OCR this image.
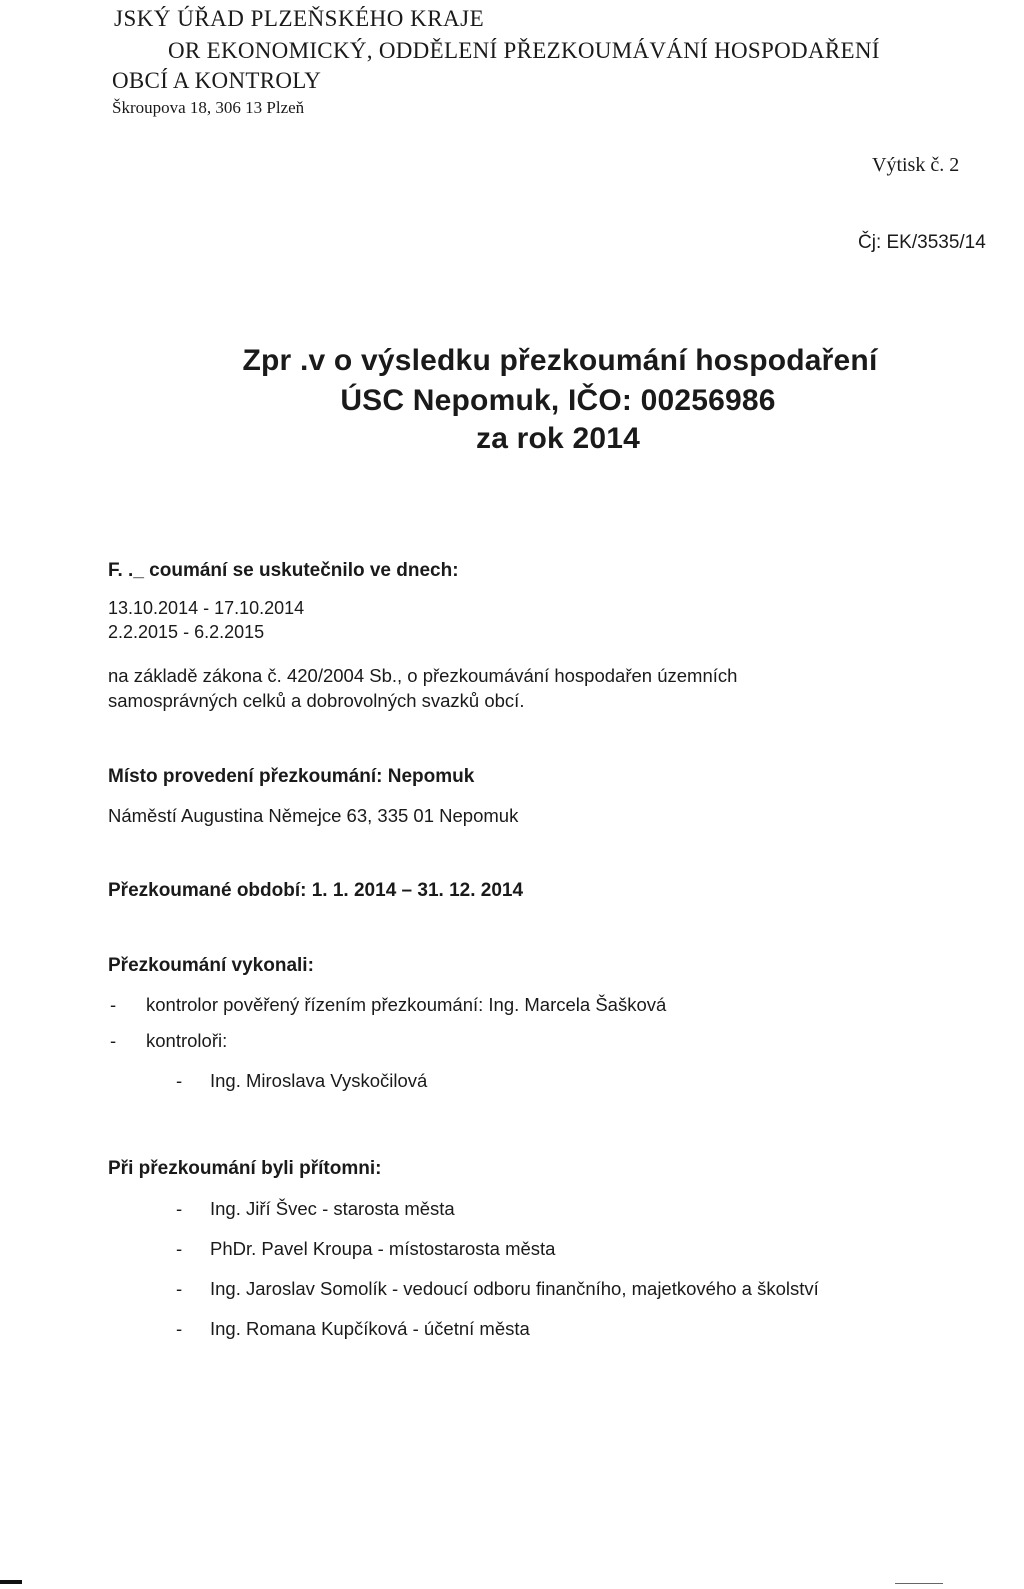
JSKÝ ÚŘAD PLZEŇSKÉHO KRAJE
OR EKONOMICKÝ, ODDĚLENÍ PŘEZKOUMÁVÁNÍ HOSPODAŘENÍ
OBCÍ A KONTROLY
Škroupova 18, 306 13 Plzeň
Výtisk č. 2
Čj: EK/3535/14
Zpr .v o výsledku přezkoumání hospodaření
ÚSC Nepomuk, IČO: 00256986
za rok 2014
F. ._ coumání se uskutečnilo ve dnech:
13.10.2014 - 17.10.2014
2.2.2015 - 6.2.2015
na základě zákona č. 420/2004 Sb., o přezkoumávání hospodařen územních
samosprávných celků a dobrovolných svazků obcí.
Místo provedení přezkoumání: Nepomuk
Náměstí Augustina Němejce 63, 335 01 Nepomuk
Přezkoumané období: 1. 1. 2014 – 31. 12. 2014
Přezkoumání vykonali:
- kontrolor pověřený řízením přezkoumání: Ing. Marcela Šašková
- kontroloři:
- Ing. Miroslava Vyskočilová
Při přezkoumání byli přítomni:
- Ing. Jiří Švec - starosta města
- PhDr. Pavel Kroupa - místostarosta města
- Ing. Jaroslav Somolík - vedoucí odboru finančního, majetkového a školství
- Ing. Romana Kupčíková - účetní města
